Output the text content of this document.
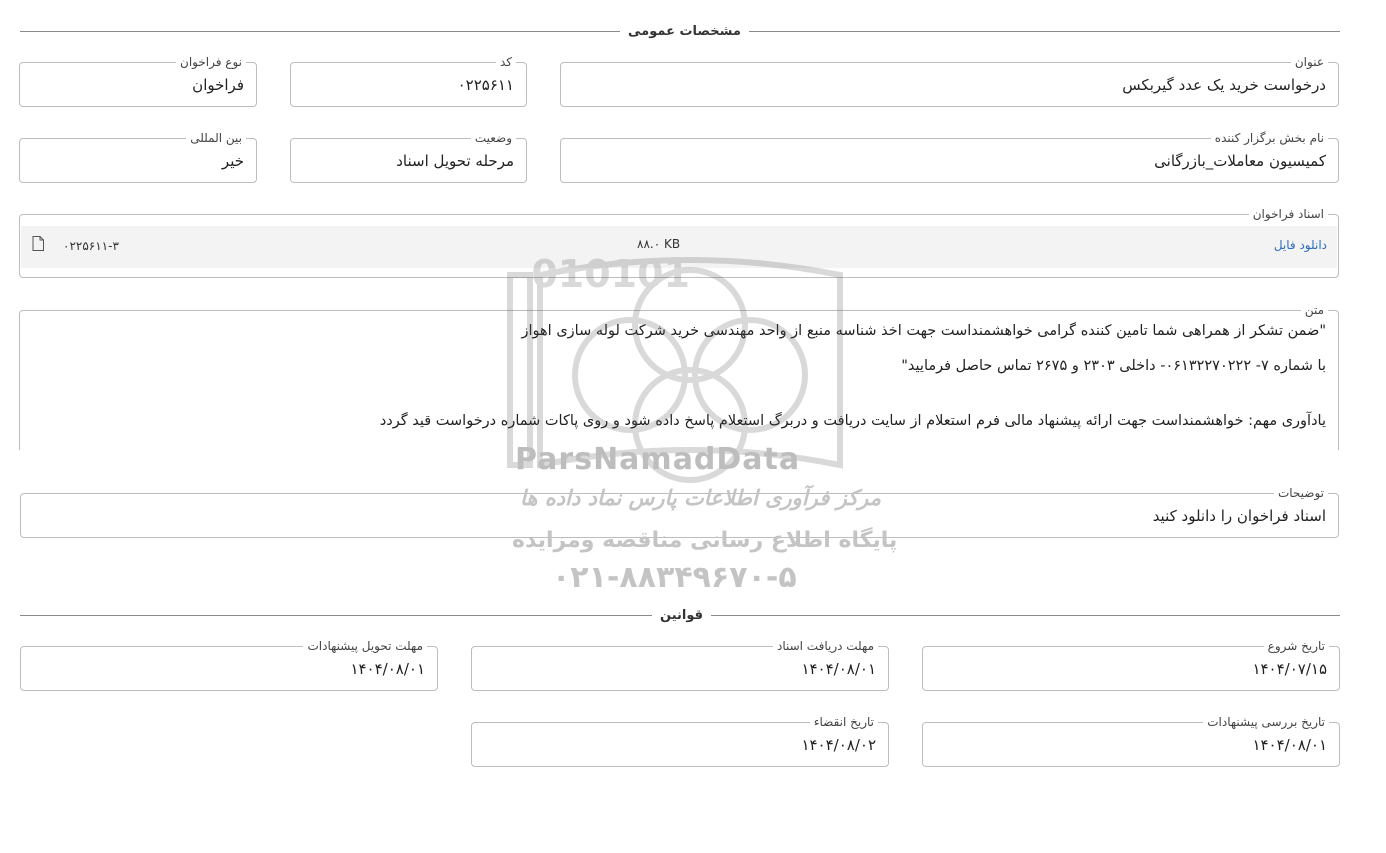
مشخصات عمومی
عنوان
درخواست خرید یک عدد گیربکس
کد
۰۲۲۵۶۱۱
نوع فراخوان
فراخوان
نام بخش برگزار کننده
کمیسیون معاملات_بازرگانی
وضعیت
مرحله تحویل اسناد
بین المللی
خیر
اسناد فراخوان
دانلود فایل
۸۸.۰ KB
۰۲۲۵۶۱۱-۳
متن

"ضمن تشکر از همراهی شما تامین کننده گرامی خواهشمنداست جهت اخذ شناسه منبع از واحد مهندسی خرید شرکت لوله سازی اهواز

با شماره ۷- ۰۶۱۳۲۲۷۰۲۲۲- داخلی ۲۳۰۳ و ۲۶۷۵ تماس حاصل فرمایید"

یادآوری مهم: خواهشمنداست جهت ارائه پیشنهاد مالی فرم استعلام از سایت دریافت و دربرگ استعلام پاسخ داده شود و روی پاکات شماره درخواست قید گردد

توضیحات
اسناد فراخوان را دانلود کنید
قوانین
تاریخ شروع
۱۴۰۴/۰۷/۱۵
مهلت دریافت اسناد
۱۴۰۴/۰۸/۰۱
مهلت تحویل پیشنهادات
۱۴۰۴/۰۸/۰۱
تاریخ بررسی پیشنهادات
۱۴۰۴/۰۸/۰۱
تاریخ انقضاء
۱۴۰۴/۰۸/۰۲
010101
ParsNamadData
مرکز فرآوری اطلاعات پارس نماد داده ها
پایگاه اطلاع رسانی مناقصه ومزایده
۰۲۱-۸۸۳۴۹۶۷۰-۵
